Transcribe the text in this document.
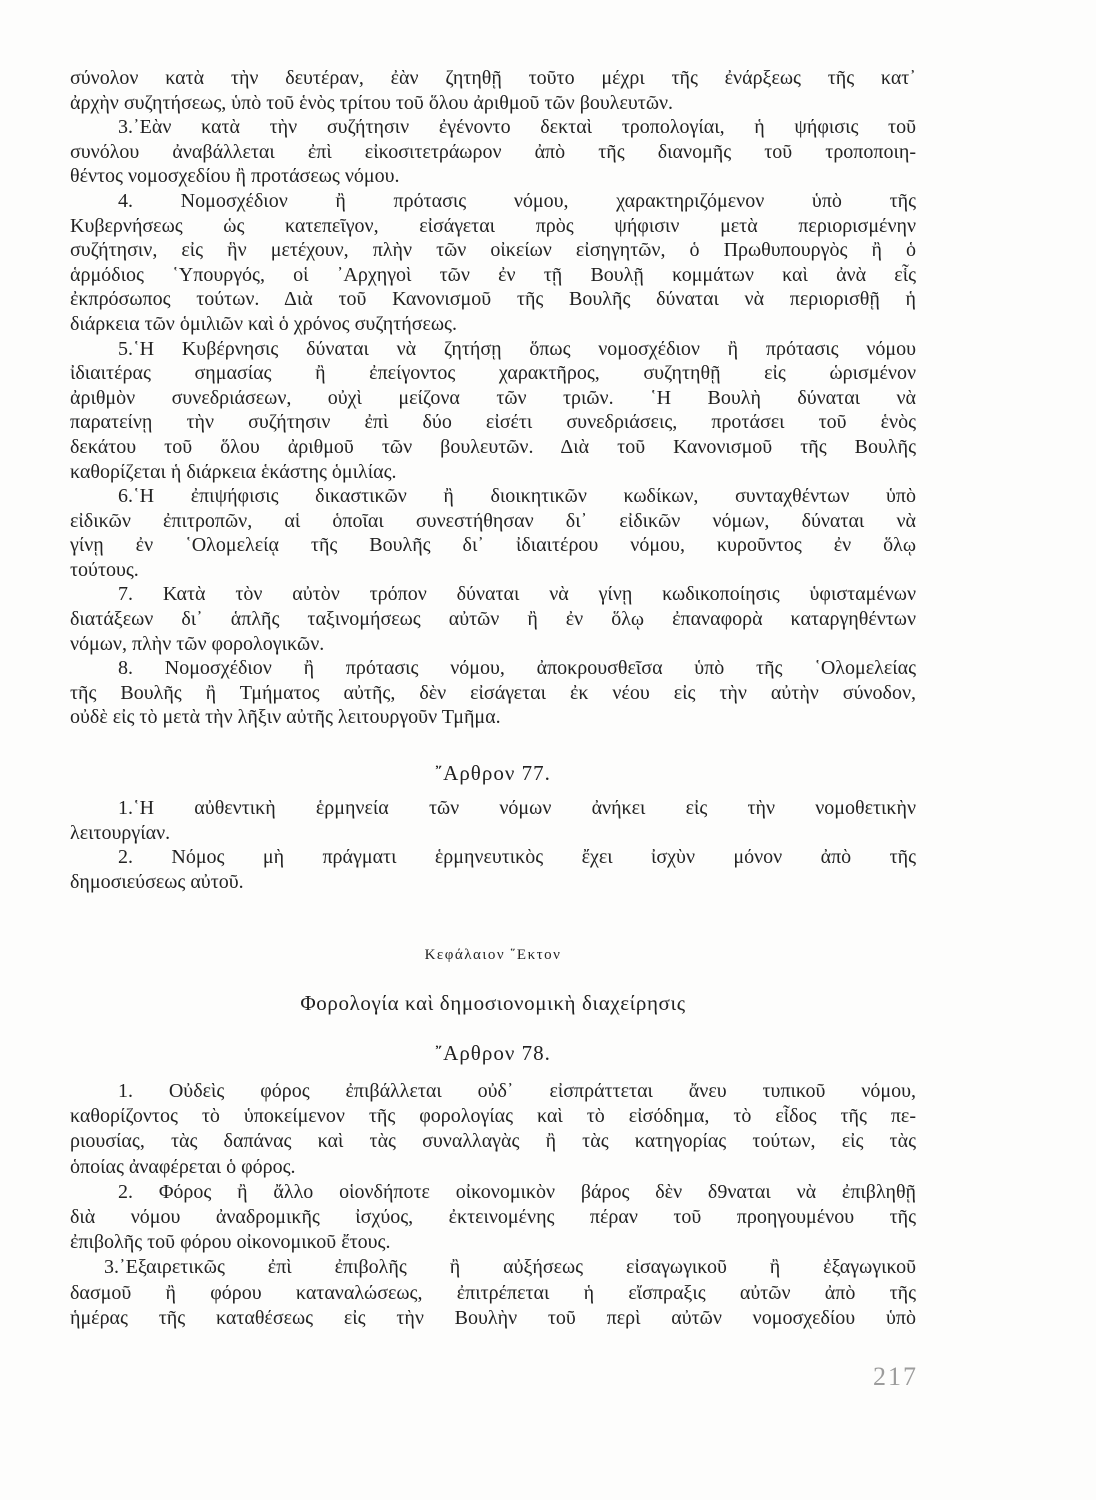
σύνολον κατὰ τὴν δευτέραν, ἐὰν ζητηθῇ τοῦτο μέχρι τῆς ἐνάρξεως τῆς κατ᾽
ἀρχὴν συζητήσεως, ὑπὸ τοῦ ἑνὸς τρίτου τοῦ ὅλου ἀριθμοῦ τῶν βουλευτῶν.
3.᾿Εὰν κατὰ τὴν συζήτησιν ἐγένοντο δεκταὶ τροπολογίαι, ἡ ψήφισις τοῦ
συνόλου ἀναβάλλεται ἐπὶ εἰκοσιτετράωρον ἀπὸ τῆς διανομῆς τοῦ τροποποιη-
θέντος νομοσχεδίου ἢ προτάσεως νόμου.
4. Νομοσχέδιον ἢ πρότασις νόμου, χαρακτηριζόμενον ὑπὸ τῆς
Κυβερνήσεως ὡς κατεπεῖγον, εἰσάγεται πρὸς ψήφισιν μετὰ περιορισμένην
συζήτησιν, εἰς ἣν μετέχουν, πλὴν τῶν οἰκείων εἰσηγητῶν, ὁ Πρωθυπουργὸς ἢ ὁ
ἁρμόδιος ῾Υπουργός, οἱ ᾿Αρχηγοὶ τῶν ἐν τῇ Βουλῇ κομμάτων καὶ ἀνὰ εἷς
ἐκπρόσωπος τούτων. Διὰ τοῦ Κανονισμοῦ τῆς Βουλῆς δύναται νὰ περιορισθῇ ἡ
διάρκεια τῶν ὁμιλιῶν καὶ ὁ χρόνος συζητήσεως.
5.῾Η Κυβέρνησις δύναται νὰ ζητήσῃ ὅπως νομοσχέδιον ἢ πρότασις νόμου
ἰδιαιτέρας σημασίας ἢ ἐπείγοντος χαρακτῆρος, συζητηθῇ εἰς ὡρισμένον
ἀριθμὸν συνεδριάσεων, οὐχὶ μείζονα τῶν τριῶν. ῾Η Βουλὴ δύναται νὰ
παρατείνῃ τὴν συζήτησιν ἐπὶ δύο εἰσέτι συνεδριάσεις, προτάσει τοῦ ἑνὸς
δεκάτου τοῦ ὅλου ἀριθμοῦ τῶν βουλευτῶν. Διὰ τοῦ Κανονισμοῦ τῆς Βουλῆς
καθορίζεται ἡ διάρκεια ἑκάστης ὁμιλίας.
6.῾Η ἐπιψήφισις δικαστικῶν ἢ διοικητικῶν κωδίκων, συνταχθέντων ὑπὸ
εἰδικῶν ἐπιτροπῶν, αἱ ὁποῖαι συνεστήθησαν δι᾽ εἰδικῶν νόμων, δύναται νὰ
γίνῃ ἐν ῾Ολομελείᾳ τῆς Βουλῆς δι᾽ ἰδιαιτέρου νόμου, κυροῦντος ἐν ὅλῳ
τούτους.
7. Κατὰ τὸν αὐτὸν τρόπον δύναται νὰ γίνῃ κωδικοποίησις ὑφισταμένων
διατάξεων δι᾽ ἁπλῆς ταξινομήσεως αὐτῶν ἢ ἐν ὅλῳ ἐπαναφορὰ καταργηθέντων
νόμων, πλὴν τῶν φορολογικῶν.
8. Νομοσχέδιον ἢ πρότασις νόμου, ἀποκρουσθεῖσα ὑπὸ τῆς ῾Ολομελείας
τῆς Βουλῆς ἢ Τμήματος αὐτῆς, δὲν εἰσάγεται ἐκ νέου εἰς τὴν αὐτὴν σύνοδον,
οὐδὲ εἰς τὸ μετὰ τὴν λῆξιν αὐτῆς λειτουργοῦν Τμῆμα.
῎Αρθρον 77.
1.῾Η αὐθεντικὴ ἑρμηνεία τῶν νόμων ἀνήκει εἰς τὴν νομοθετικὴν
λειτουργίαν.
2. Νόμος μὴ πράγματι ἑρμηνευτικὸς ἔχει ἰσχὺν μόνον ἀπὸ τῆς
δημοσιεύσεως αὐτοῦ.
Κεφάλαιον ῞Εκτον
Φορολογία καὶ δημοσιονομικὴ διαχείρησις
῎Αρθρον 78.
1. Οὐδεὶς φόρος ἐπιβάλλεται οὐδ᾽ εἰσπράττεται ἄνευ τυπικοῦ νόμου,
καθορίζοντος τὸ ὑποκείμενον τῆς φορολογίας καὶ τὸ εἰσόδημα, τὸ εἶδος τῆς πε-
ριουσίας, τὰς δαπάνας καὶ τὰς συναλλαγὰς ἢ τὰς κατηγορίας τούτων, εἰς τὰς
ὁποίας ἀναφέρεται ὁ φόρος.
2. Φόρος ἢ ἄλλο οἱονδήποτε οἰκονομικὸν βάρος δὲν δ9ναται νὰ ἐπιβληθῇ
διὰ νόμου ἀναδρομικῆς ἰσχύος, ἐκτεινομένης πέραν τοῦ προηγουμένου τῆς
ἐπιβολῆς τοῦ φόρου οἰκονομικοῦ ἔτους.
3.᾿Εξαιρετικῶς ἐπὶ ἐπιβολῆς ἢ αὐξήσεως εἰσαγωγικοῦ ἢ ἐξαγωγικοῦ
δασμοῦ ἢ φόρου καταναλώσεως, ἐπιτρέπεται ἡ εἴσπραξις αὐτῶν ἀπὸ τῆς
ἡμέρας τῆς καταθέσεως εἰς τὴν Βουλὴν τοῦ περὶ αὐτῶν νομοσχεδίου ὑπὸ
217
